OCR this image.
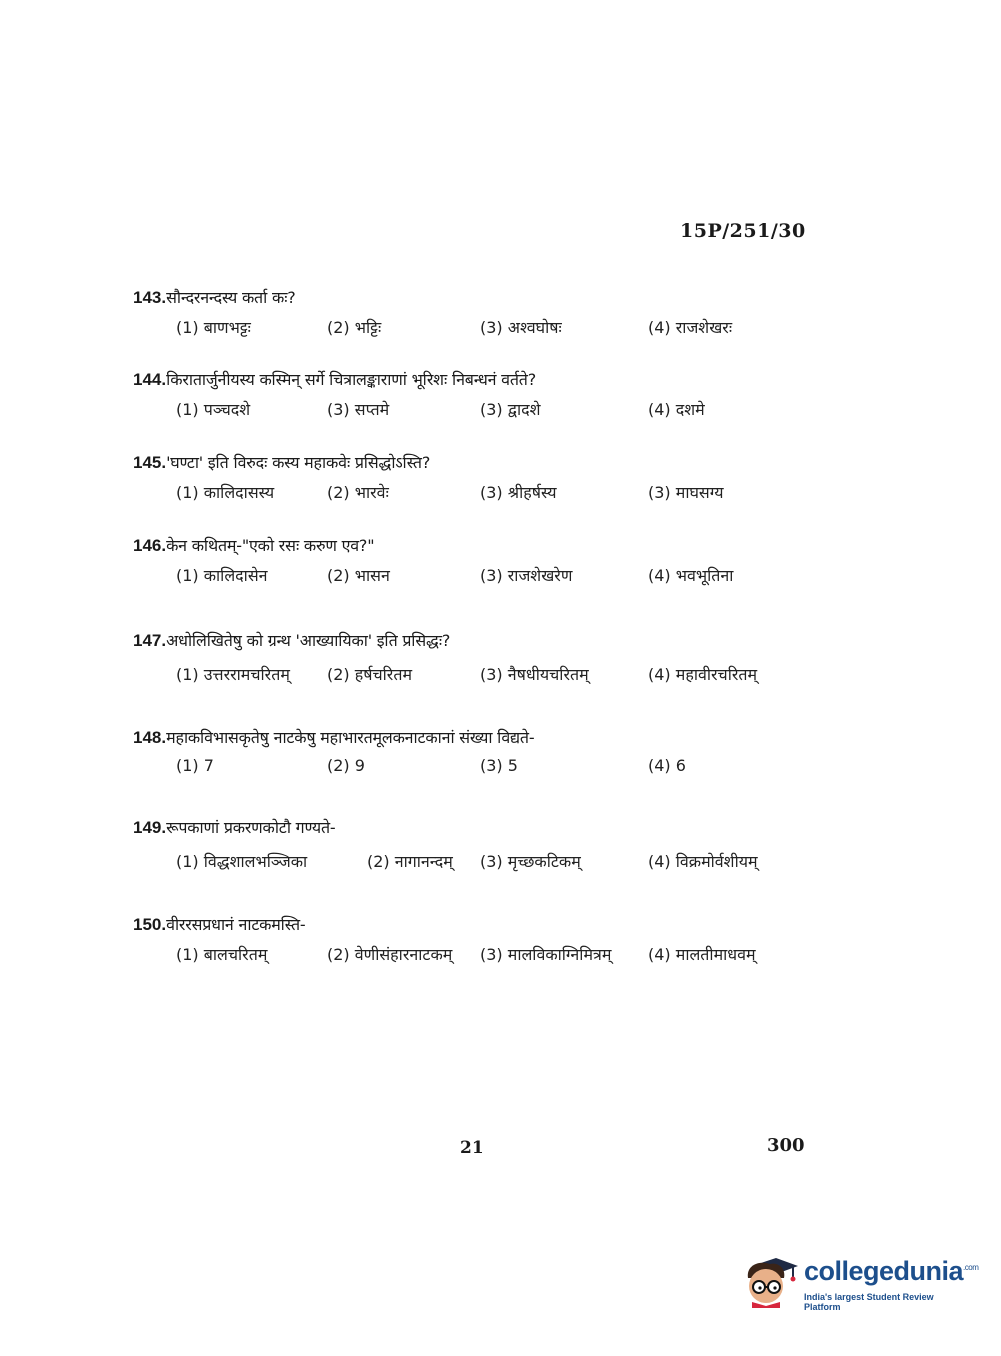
15P/251/30
143. सौन्दरनन्दस्य कर्ता कः?
(1) बाणभट्टः	(2) भट्टिः	(3) अश्वघोषः	(4) राजशेखरः
144. किरातार्जुनीयस्य कस्मिन् सर्गे चित्रालङ्काराणां भूरिशः निबन्धनं वर्तते?
(1) पञ्चदशे	(3) सप्तमे	(3) द्वादशे	(4) दशमे
145. 'घण्टा' इति विरुदः कस्य महाकवेः प्रसिद्धोऽस्ति?
(1) कालिदासस्य	(2) भारवेः	(3) श्रीहर्षस्य	(3) माघसग्य
146. केन कथितम्-"एको रसः करुण एव?"
(1) कालिदासेन	(2) भासन	(3) राजशेखरेण	(4) भवभूतिना
147. अधोलिखितेषु को ग्रन्थ 'आख्यायिका' इति प्रसिद्धः?
(1) उत्तररामचरितम् (2) हर्षचरितम	(3) नैषधीयचरितम्	(4) महावीरचरितम्
148. महाकविभासकृतेषु नाटकेषु महाभारतमूलकनाटकानां संख्या विद्यते-
(1) 7	(2) 9	(3) 5	(4) 6
149. रूपकाणां प्रकरणकोटौ गण्यते-
(1) विद्धशालभञ्जिका	(2) नागानन्दम् (3) मृच्छकटिकम्	(4) विक्रमोर्वशीयम्
150. वीररसप्रधानं नाटकमस्ति-
(1) बालचरितम्	(2) वेणीसंहारनाटकम् (3) मालविकाग्निमित्रम् (4) मालतीमाधवम्
21	300
collegedunia$^{.com}$
India's largest Student Review Platform
